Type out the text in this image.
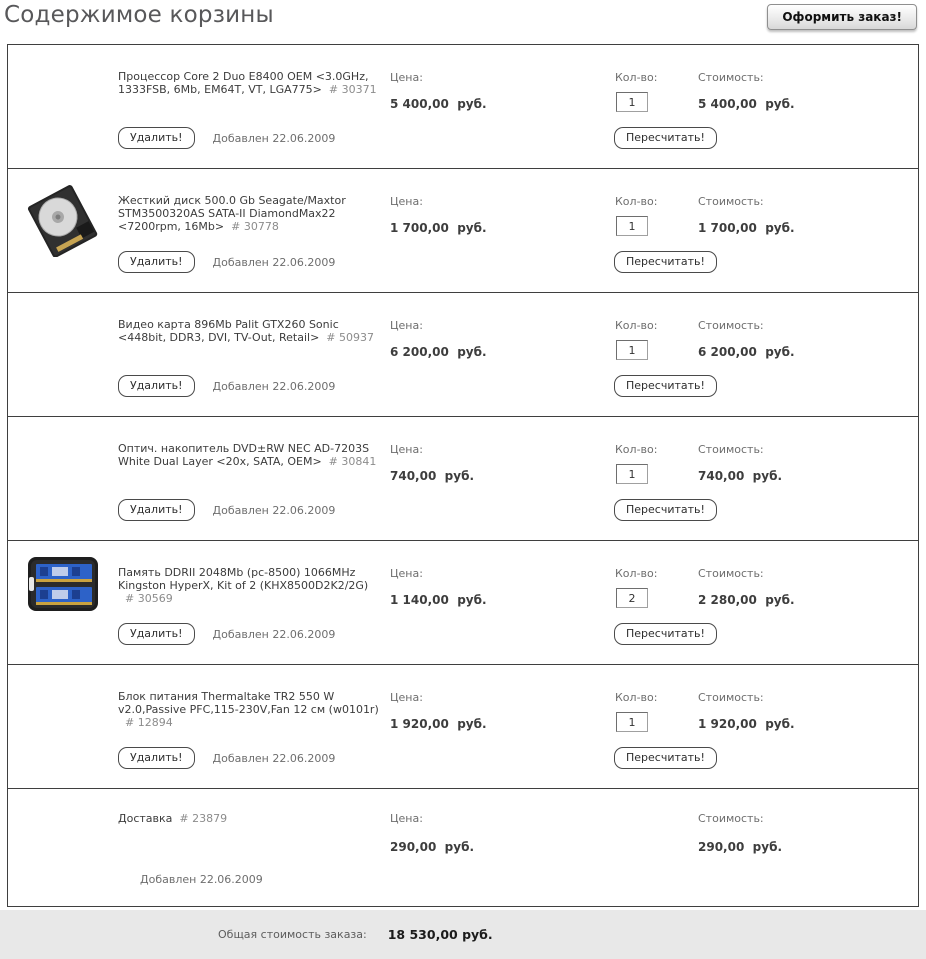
Содержимое корзины	Оформить заказ!
Процессор Core 2 Duo E8400 OEM <3.0GHz, 1333FSB, 6Mb, EM64T, VT, LGA775> # 30371
Цена:
5 400,00  руб.
Кол-во:
1	Стоимость:
5 400,00  руб.
Удалить!	Добавлен 22.06.2009	Пересчитать!
Жесткий диск 500.0 Gb Seagate/Maxtor STM3500320AS SATA-II DiamondMax22 <7200rpm, 16Mb> # 30778
Цена:
1 700,00  руб.
Кол-во:
1	Стоимость:
1 700,00  руб.
Удалить!	Добавлен 22.06.2009	Пересчитать!
Видео карта 896Mb Palit GTX260 Sonic <448bit, DDR3, DVI, TV-Out, Retail> # 50937
Цена:
6 200,00  руб.
Кол-во:
1	Стоимость:
6 200,00  руб.
Удалить!	Добавлен 22.06.2009	Пересчитать!
Оптич. накопитель DVD±RW NEC AD-7203S White Dual Layer <20x, SATA, OEM> # 30841
Цена:
740,00  руб.
Кол-во:
1	Стоимость:
740,00  руб.
Удалить!	Добавлен 22.06.2009	Пересчитать!
Память DDRII 2048Mb (pc-8500) 1066MHz Kingston HyperX, Kit of 2 (KHX8500D2K2/2G)  # 30569
Цена:
1 140,00  руб.
Кол-во:
2	Стоимость:
2 280,00  руб.
Удалить!	Добавлен 22.06.2009	Пересчитать!
Блок питания Thermaltake TR2 550 W v2.0,Passive PFC,115-230V,Fan 12 см (w0101r)  # 12894
Цена:
1 920,00  руб.
Кол-во:
1	Стоимость:
1 920,00  руб.
Удалить!	Добавлен 22.06.2009	Пересчитать!
Доставка # 23879	Цена:
290,00  руб.
Стоимость:
290,00  руб.
Добавлен 22.06.2009
Общая стоимость заказа: 18 530,00 руб.
